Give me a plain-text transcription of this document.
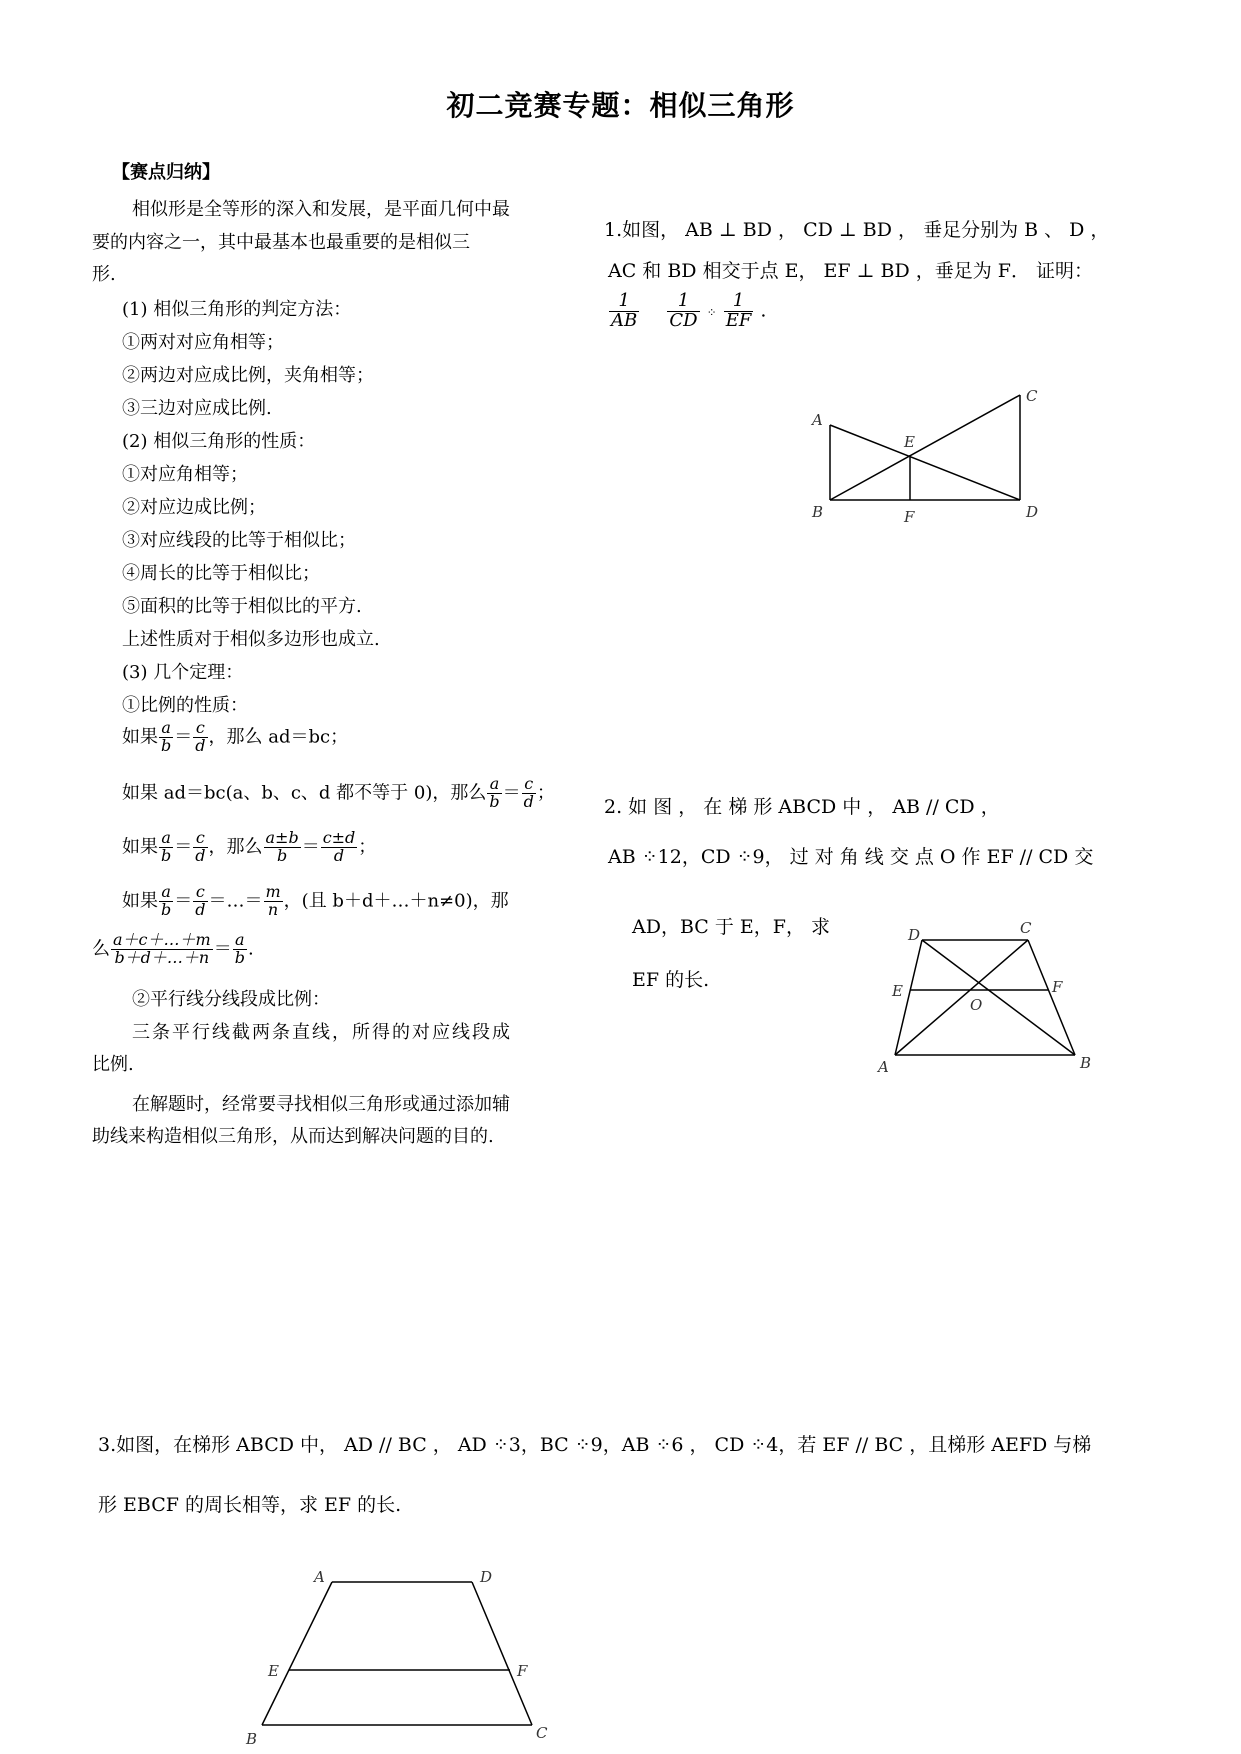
初二竞赛专题：相似三角形
【赛点归纳】
相似形是全等形的深入和发展，是平面几何中最
要的内容之一，其中最基本也最重要的是相似三
形.
(1) 相似三角形的判定方法：
①两对对应角相等；
②两边对应成比例，夹角相等；
③三边对应成比例.
(2) 相似三角形的性质：
①对应角相等；
②对应边成比例；
③对应线段的比等于相似比；
④周长的比等于相似比；
⑤面积的比等于相似比的平方.
上述性质对于相似多边形也成立.
(3) 几个定理：
①比例的性质：
如果 $\frac{a}{b} = \frac{c}{d}$ ，那么 ad＝bc；
如果 ad＝bc(a、b、c、d 都不等于 0)，那么 $\frac{a}{b} = \frac{c}{d}$ ；
如果 $\frac{a}{b} = \frac{c}{d}$ ，那么 $\frac{a\pm b}{b} = \frac{c\pm d}{d}$ ；
如果 $\frac{a}{b} = \frac{c}{d}$ ＝…＝ $\frac{m}{n}$ ，(且 b＋d＋…＋n≠0)，那
么 $\frac{a+c+\dots+m}{b+d+\dots+n} = \frac{a}{b}$ .
②平行线分线段成比例：
三条平行线截两条直线，所得的对应线段成
比例.
在解题时，经常要寻找相似三角形或通过添加辅
助线来构造相似三角形，从而达到解决问题的目的.
1.如图， AB ⊥ BD ， CD ⊥ BD ， 垂足分别为 B 、 D ，
AC 和 BD 相交于点 E， EF ⊥ BD ，垂足为 F． 证明：
$\frac{1}{AB}$
$\frac{1}{CD}$ ⁘ $\frac{1}{EF}$ .
A
B
C
D
E
F
2. 如 图 ， 在 梯 形 ABCD 中 ， AB // CD ，
AB ⁘12，CD ⁘9， 过 对 角 线 交 点 O 作 EF // CD 交
AD，BC 于 E，F， 求
EF 的长.
A	B
C
D
E	F
O
3.如图，在梯形 ABCD 中， AD // BC ， AD ⁘3，BC ⁘9，AB ⁘6 ， CD ⁘4，若 EF // BC ，且梯形 AEFD 与梯
形 EBCF 的周长相等，求 EF 的长.
A	D
E	F
B	C
